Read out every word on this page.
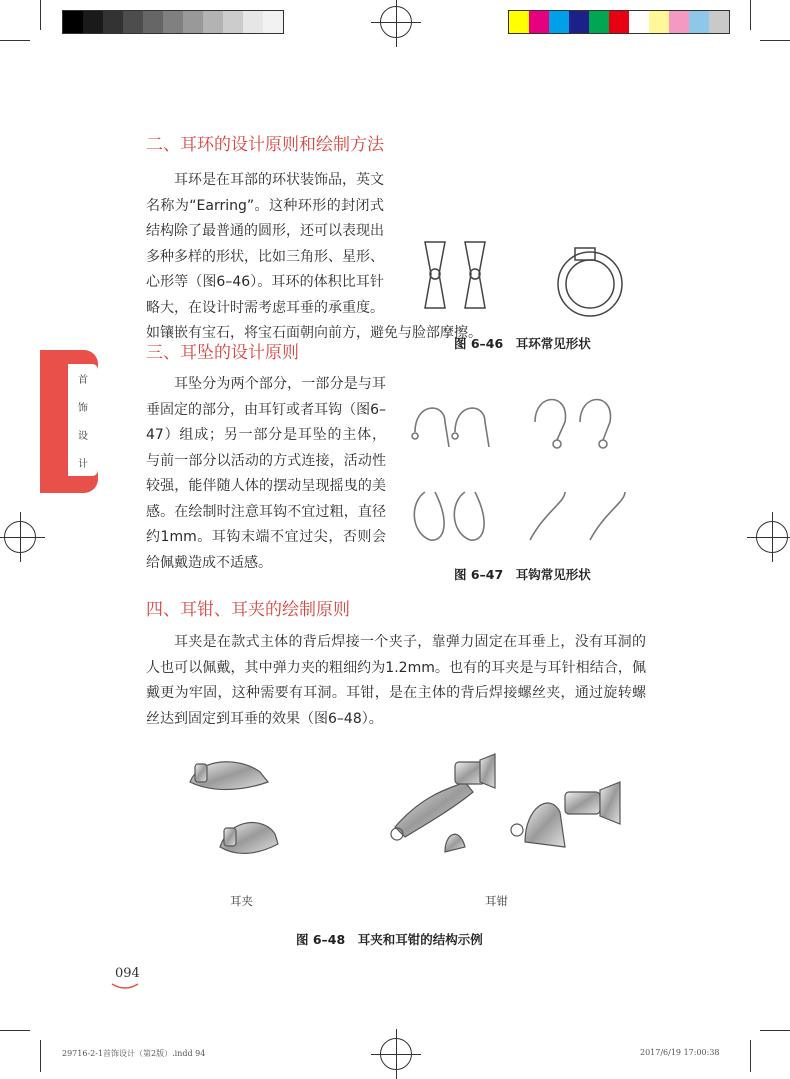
首
饰
设
计
二、耳环的设计原则和绘制方法
耳环是在耳部的环状装饰品，英文名称为“Earring”。这种环形的封闭式结构除了最普通的圆形，还可以表现出多种多样的形状，比如三角形、星形、心形等（图6–46）。耳环的体积比耳针略大，在设计时需考虑耳垂的承重度。如镶嵌有宝石，将宝石面朝向前方，避免与脸部摩擦。
图 6–46　耳环常见形状
三、耳坠的设计原则
耳坠分为两个部分，一部分是与耳垂固定的部分，由耳钉或者耳钩（图6–47）组成；另一部分是耳坠的主体，与前一部分以活动的方式连接，活动性较强，能伴随人体的摆动呈现摇曳的美感。在绘制时注意耳钩不宜过粗，直径约1mm。耳钩末端不宜过尖，否则会给佩戴造成不适感。
图 6–47　耳钩常见形状
四、耳钳、耳夹的绘制原则
耳夹是在款式主体的背后焊接一个夹子，靠弹力固定在耳垂上，没有耳洞的人也可以佩戴，其中弹力夹的粗细约为1.2mm。也有的耳夹是与耳针相结合，佩戴更为牢固，这种需要有耳洞。耳钳，是在主体的背后焊接螺丝夹，通过旋转螺丝达到固定到耳垂的效果（图6–48）。
耳夹	耳钳
图 6–48　耳夹和耳钳的结构示例
094
29716-2-1首饰设计（第2版）.indd 94	2017/6/19 17:00:38
